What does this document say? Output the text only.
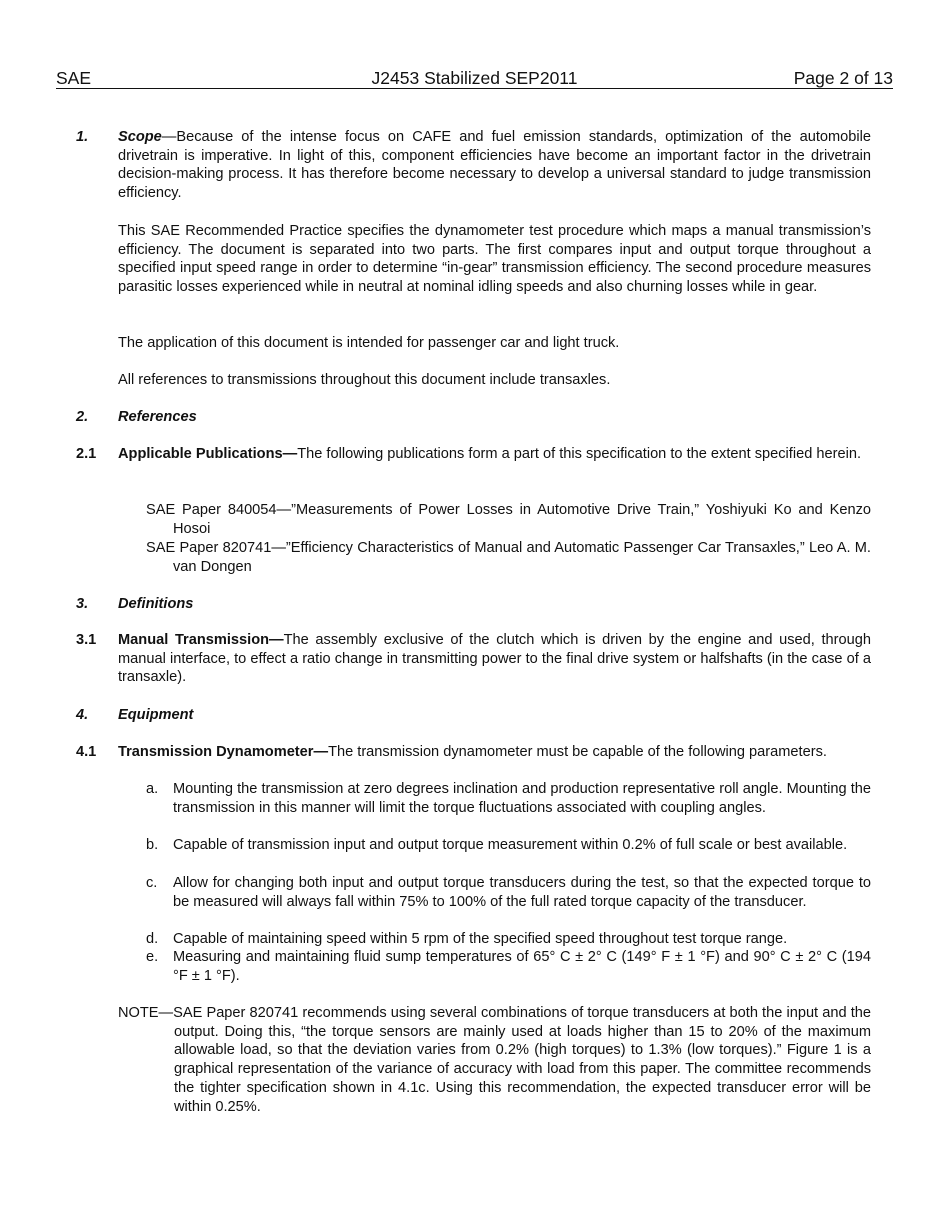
SAE	J2453 Stabilized SEP2011	Page 2 of 13
1. Scope—Because of the intense focus on CAFE and fuel emission standards, optimization of the automobile drivetrain is imperative. In light of this, component efficiencies have become an important factor in the drivetrain decision-making process. It has therefore become necessary to develop a universal standard to judge transmission efficiency.
This SAE Recommended Practice specifies the dynamometer test procedure which maps a manual transmission’s efficiency. The document is separated into two parts. The first compares input and output torque throughout a specified input speed range in order to determine “in-gear” transmission efficiency. The second procedure measures parasitic losses experienced while in neutral at nominal idling speeds and also churning losses while in gear.
The application of this document is intended for passenger car and light truck.
All references to transmissions throughout this document include transaxles.
2. References
2.1 Applicable Publications—The following publications form a part of this specification to the extent specified herein.
SAE Paper 840054—”Measurements of Power Losses in Automotive Drive Train,” Yoshiyuki Ko and Kenzo Hosoi
SAE Paper 820741—”Efficiency Characteristics of Manual and Automatic Passenger Car Transaxles,” Leo A. M. van Dongen
3. Definitions
3.1 Manual Transmission—The assembly exclusive of the clutch which is driven by the engine and used, through manual interface, to effect a ratio change in transmitting power to the final drive system or halfshafts (in the case of a transaxle).
4. Equipment
4.1 Transmission Dynamometer—The transmission dynamometer must be capable of the following parameters.
a. Mounting the transmission at zero degrees inclination and production representative roll angle. Mounting the transmission in this manner will limit the torque fluctuations associated with coupling angles.
b. Capable of transmission input and output torque measurement within 0.2% of full scale or best available.
c. Allow for changing both input and output torque transducers during the test, so that the expected torque to be measured will always fall within 75% to 100% of the full rated torque capacity of the transducer.
d. Capable of maintaining speed within 5 rpm of the specified speed throughout test torque range.
e. Measuring and maintaining fluid sump temperatures of 65° C ± 2° C (149° F ± 1 °F) and 90° C ± 2° C (194 °F ± 1 °F).
NOTE—SAE Paper 820741 recommends using several combinations of torque transducers at both the input and the output. Doing this, “the torque sensors are mainly used at loads higher than 15 to 20% of the maximum allowable load, so that the deviation varies from 0.2% (high torques) to 1.3% (low torques).” Figure 1 is a graphical representation of the variance of accuracy with load from this paper. The committee recommends the tighter specification shown in 4.1c. Using this recommendation, the expected transducer error will be within 0.25%.
